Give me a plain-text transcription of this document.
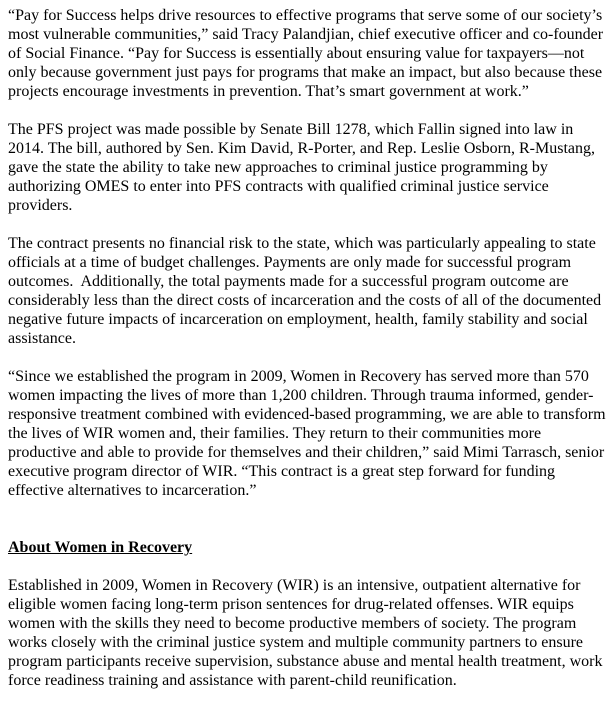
“Pay for Success helps drive resources to effective programs that serve some of our society’s most vulnerable communities,” said Tracy Palandjian, chief executive officer and co-founder of Social Finance. “Pay for Success is essentially about ensuring value for taxpayers—not only because government just pays for programs that make an impact, but also because these projects encourage investments in prevention. That’s smart government at work.”

The PFS project was made possible by Senate Bill 1278, which Fallin signed into law in 2014. The bill, authored by Sen. Kim David, R-Porter, and Rep. Leslie Osborn, R-Mustang, gave the state the ability to take new approaches to criminal justice programming by authorizing OMES to enter into PFS contracts with qualified criminal justice service providers.

The contract presents no financial risk to the state, which was particularly appealing to state officials at a time of budget challenges. Payments are only made for successful program outcomes.  Additionally, the total payments made for a successful program outcome are considerably less than the direct costs of incarceration and the costs of all of the documented negative future impacts of incarceration on employment, health, family stability and social assistance.

“Since we established the program in 2009, Women in Recovery has served more than 570 women impacting the lives of more than 1,200 children. Through trauma informed, gender-responsive treatment combined with evidenced-based programming, we are able to transform the lives of WIR women and, their families. They return to their communities more productive and able to provide for themselves and their children,” said Mimi Tarrasch, senior executive program director of WIR. “This contract is a great step forward for funding effective alternatives to incarceration.”

About Women in Recovery

Established in 2009, Women in Recovery (WIR) is an intensive, outpatient alternative for eligible women facing long-term prison sentences for drug-related offenses. WIR equips women with the skills they need to become productive members of society. The program works closely with the criminal justice system and multiple community partners to ensure program participants receive supervision, substance abuse and mental health treatment, work force readiness training and assistance with parent-child reunification.
